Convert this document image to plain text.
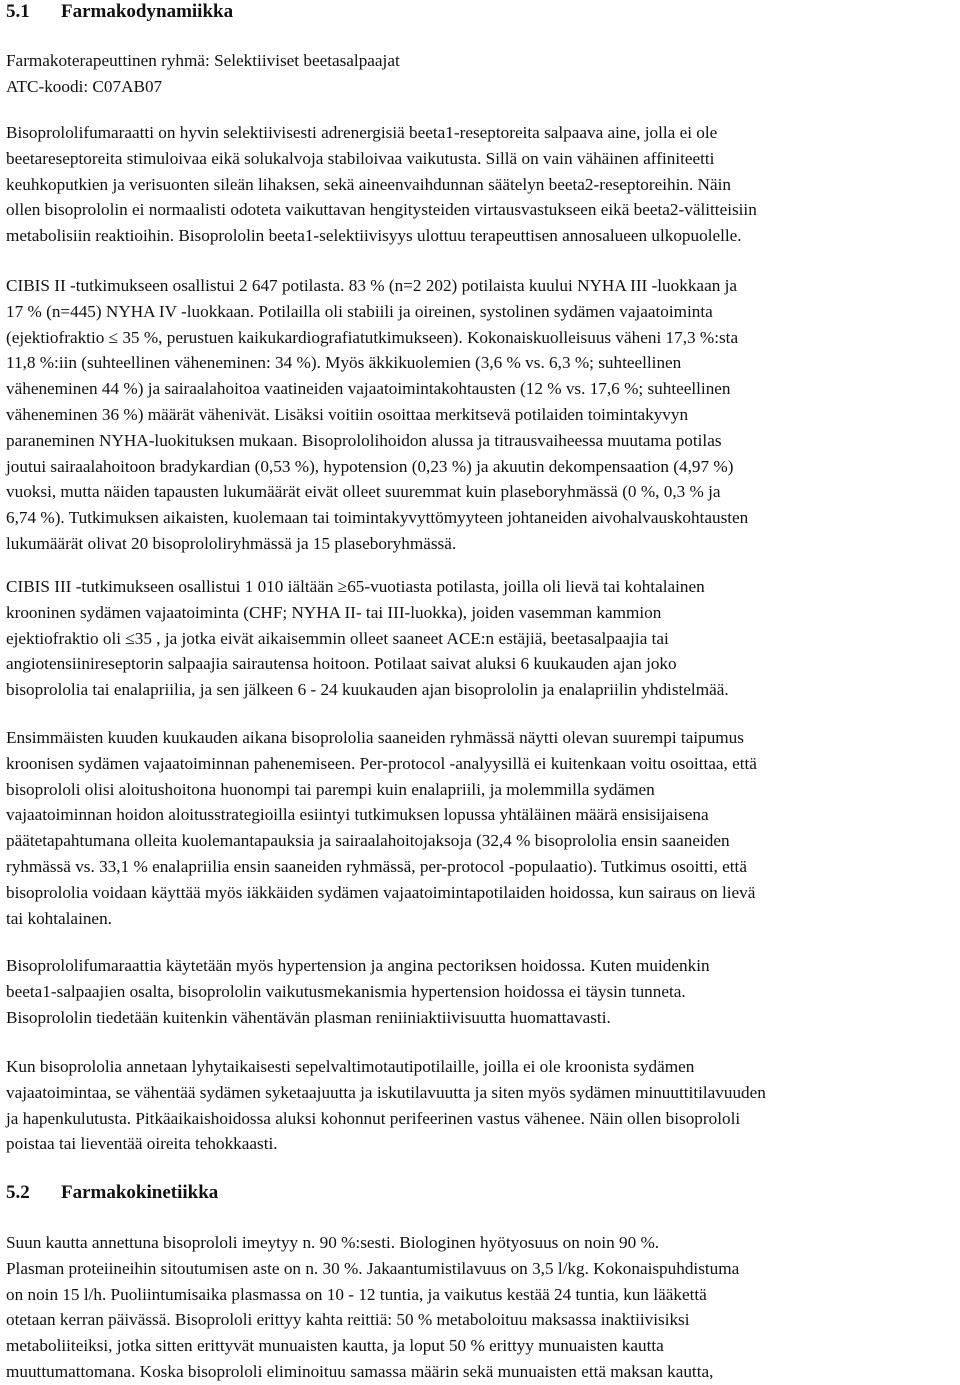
5.1 Farmakodynamiikka
Farmakoterapeuttinen ryhmä: Selektiiviset beetasalpaajat
ATC-koodi: C07AB07
Bisoprololifumaraatti on hyvin selektiivisesti adrenergisiä beeta1-reseptoreita salpaava aine, jolla ei ole
beetareseptoreita stimuloivaa eikä solukalvoja stabiloivaa vaikutusta. Sillä on vain vähäinen affiniteetti
keuhkoputkien ja verisuonten sileän lihaksen, sekä aineenvaihdunnan säätelyn beeta2-reseptoreihin. Näin
ollen bisoprololin ei normaalisti odoteta vaikuttavan hengitysteiden virtausvastukseen eikä beeta2-välitteisiin
metabolisiin reaktioihin. Bisoprololin beeta1-selektiivisyys ulottuu terapeuttisen annosalueen ulkopuolelle.
CIBIS II -tutkimukseen osallistui 2 647 potilasta. 83 % (n=2 202) potilaista kuului NYHA III -luokkaan ja
17 % (n=445) NYHA IV -luokkaan. Potilailla oli stabiili ja oireinen, systolinen sydämen vajaatoiminta
(ejektiofraktio ≤ 35 %, perustuen kaikukardiografiatutkimukseen). Kokonaiskuolleisuus väheni 17,3 %:sta
11,8 %:iin (suhteellinen väheneminen: 34 %). Myös äkkikuolemien (3,6 % vs. 6,3 %; suhteellinen
väheneminen 44 %) ja sairaalahoitoa vaatineiden vajaatoimintakohtausten (12 % vs. 17,6 %; suhteellinen
väheneminen 36 %) määrät vähenivät. Lisäksi voitiin osoittaa merkitsevä potilaiden toimintakyvyn
paraneminen NYHA-luokituksen mukaan. Bisoprololihoidon alussa ja titrausvaiheessa muutama potilas
joutui sairaalahoitoon bradykardian (0,53 %), hypotension (0,23 %) ja akuutin dekompensaation (4,97 %)
vuoksi, mutta näiden tapausten lukumäärät eivät olleet suuremmat kuin plaseboryhmässä (0 %, 0,3 % ja
6,74 %). Tutkimuksen aikaisten, kuolemaan tai toimintakyvyttömyyteen johtaneiden aivohalvauskohtausten
lukumäärät olivat 20 bisoprololiryhmässä ja 15 plaseboryhmässä.
CIBIS III -tutkimukseen osallistui 1 010 iältään ≥65-vuotiasta potilasta, joilla oli lievä tai kohtalainen
krooninen sydämen vajaatoiminta (CHF; NYHA II- tai III-luokka), joiden vasemman kammion
ejektiofraktio oli ≤35 , ja jotka eivät aikaisemmin olleet saaneet ACE:n estäjiä, beetasalpaajia tai
angiotensiinireseptorin salpaajia sairautensa hoitoon. Potilaat saivat aluksi 6 kuukauden ajan joko
bisoprololia tai enalapriilia, ja sen jälkeen 6 - 24 kuukauden ajan bisoprololin ja enalapriilin yhdistelmää.
Ensimmäisten kuuden kuukauden aikana bisoprololia saaneiden ryhmässä näytti olevan suurempi taipumus
kroonisen sydämen vajaatoiminnan pahenemiseen. Per-protocol -analyysillä ei kuitenkaan voitu osoittaa, että
bisoprololi olisi aloitushoitona huonompi tai parempi kuin enalapriili, ja molemmilla sydämen
vajaatoiminnan hoidon aloitusstrategioilla esiintyi tutkimuksen lopussa yhtäläinen määrä ensisijaisena
päätetapahtumana olleita kuolemantapauksia ja sairaalahoitojaksoja (32,4 % bisoprololia ensin saaneiden
ryhmässä vs. 33,1 % enalapriilia ensin saaneiden ryhmässä, per-protocol -populaatio). Tutkimus osoitti, että
bisoprololia voidaan käyttää myös iäkkäiden sydämen vajaatoimintapotilaiden hoidossa, kun sairaus on lievä
tai kohtalainen.
Bisoprololifumaraattia käytetään myös hypertension ja angina pectoriksen hoidossa. Kuten muidenkin
beeta1-salpaajien osalta, bisoprololin vaikutusmekanismia hypertension hoidossa ei täysin tunneta.
Bisoprololin tiedetään kuitenkin vähentävän plasman reniiniaktiivisuutta huomattavasti.
Kun bisoprololia annetaan lyhytaikaisesti sepelvaltimotautipotilaille, joilla ei ole kroonista sydämen
vajaatoimintaa, se vähentää sydämen syketaajuutta ja iskutilavuutta ja siten myös sydämen minuuttitilavuuden
ja hapenkulutusta. Pitkäaikaishoidossa aluksi kohonnut perifeerinen vastus vähenee. Näin ollen bisoprololi
poistaa tai lieventää oireita tehokkaasti.
5.2 Farmakokinetiikka
Suun kautta annettuna bisoprololi imeytyy n. 90 %:sesti. Biologinen hyötyosuus on noin 90 %.
Plasman proteiineihin sitoutumisen aste on n. 30 %. Jakaantumistilavuus on 3,5 l/kg. Kokonaispuhdistuma
on noin 15 l/h. Puoliintumisaika plasmassa on 10 - 12 tuntia, ja vaikutus kestää 24 tuntia, kun lääkettä
otetaan kerran päivässä. Bisoprololi erittyy kahta reittiä: 50 % metaboloituu maksassa inaktiivisiksi
metaboliiteiksi, jotka sitten erittyvät munuaisten kautta, ja loput 50 % erittyy munuaisten kautta
muuttumattomana. Koska bisoprololi eliminoituu samassa määrin sekä munuaisten että maksan kautta,
